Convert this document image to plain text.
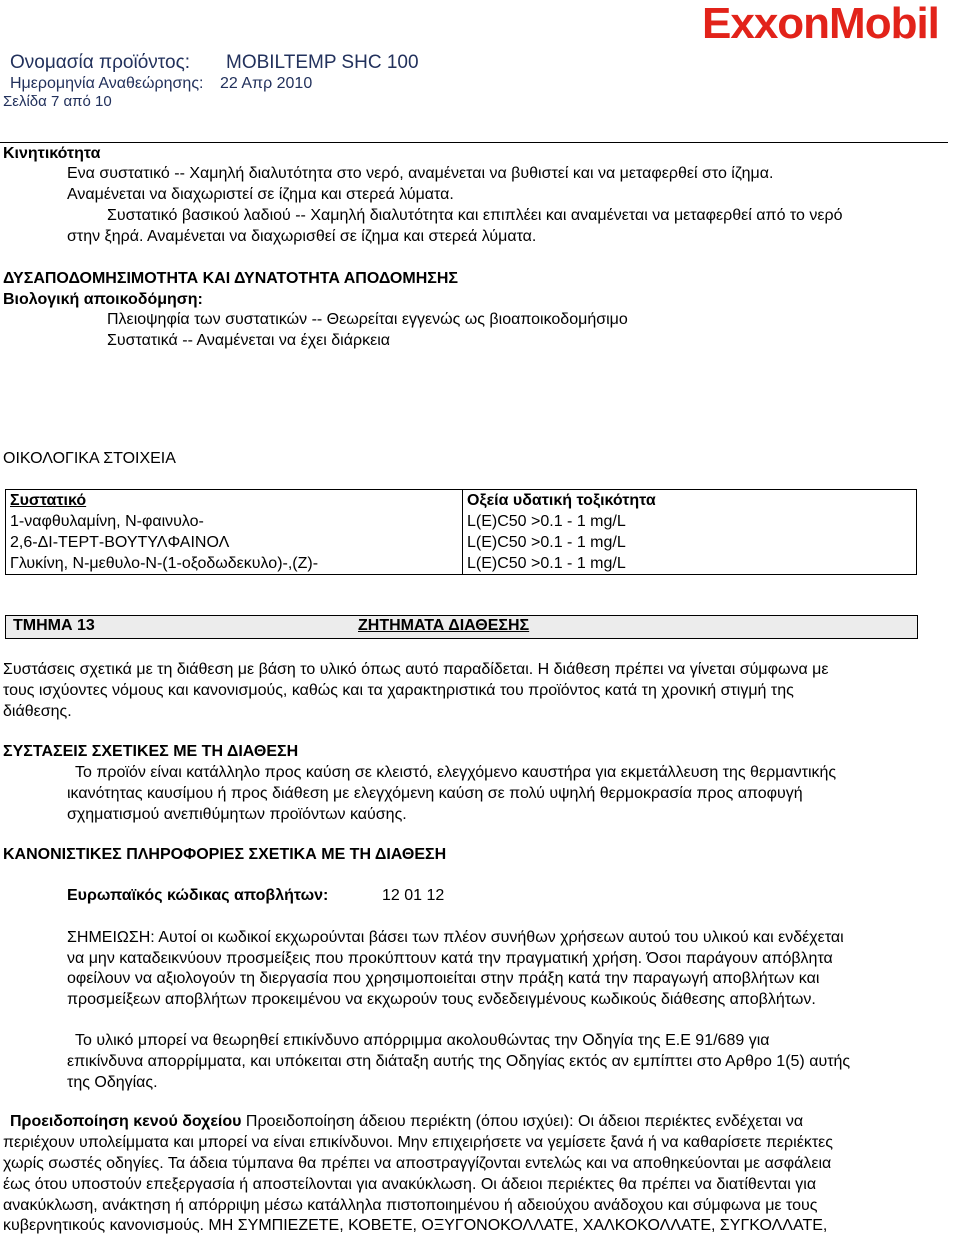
ExxonMobil
Ονομασία προϊόντος: MOBILTEMP SHC 100
Ημερομηνία Αναθεώρησης: 22 Απρ 2010
Σελίδα 7 από 10
Κινητικότητα
Ενα συστατικό -- Χαμηλή διαλυτότητα στο νερό, αναμένεται να βυθιστεί και να μεταφερθεί στο ίζημα.
Αναμένεται να διαχωριστεί σε ίζημα και στερεά λύματα.
Συστατικό βασικού λαδιού -- Χαμηλή διαλυτότητα και επιπλέει και αναμένεται να μεταφερθεί από το νερό
στην ξηρά. Αναμένεται να διαχωρισθεί σε ίζημα και στερεά λύματα.
ΔΥΣΑΠΟΔΟΜΗΣΙΜΟΤΗΤΑ ΚΑΙ ΔΥΝΑΤΟΤΗΤΑ ΑΠΟΔΟΜΗΣΗΣ
Βιολογική αποικοδόμηση:
Πλειοψηφία των συστατικών -- Θεωρείται εγγενώς ως βιοαποικοδομήσιμο
Συστατικά -- Αναμένεται να έχει διάρκεια
ΟΙΚΟΛΟΓΙΚΑ ΣΤΟΙΧΕΙΑ
Συστατικό	Οξεία υδατική τοξικότητα
1-ναφθυλαμίνη, Ν-φαινυλο-	L(E)C50 >0.1 - 1 mg/L
2,6-ΔΙ-ΤΕΡΤ-ΒΟΥΤΥΛΦΑΙΝΟΛ	L(E)C50 >0.1 - 1 mg/L
Γλυκίνη, N-μεθυλο-N-(1-οξοδωδεκυλο)-,(Z)-	L(E)C50 >0.1 - 1 mg/L
ΤΜΗΜΑ 13	ΖΗΤΗΜΑΤΑ ΔΙΑΘΕΣΗΣ
Συστάσεις σχετικά με τη διάθεση με βάση το υλικό όπως αυτό παραδίδεται. Η διάθεση πρέπει να γίνεται σύμφωνα με
τους ισχύοντες νόμους και κανονισμούς, καθώς και τα χαρακτηριστικά του προϊόντος κατά τη χρονική στιγμή της
διάθεσης.
ΣΥΣΤΑΣΕΙΣ ΣΧΕΤΙΚΕΣ ΜΕ ΤΗ ΔΙΑΘΕΣΗ
Το προϊόν είναι κατάλληλο προς καύση σε κλειστό, ελεγχόμενο καυστήρα για εκμετάλλευση της θερμαντικής
ικανότητας καυσίμου ή προς διάθεση με ελεγχόμενη καύση σε πολύ υψηλή θερμοκρασία προς αποφυγή
σχηματισμού ανεπιθύμητων προϊόντων καύσης.
ΚΑΝΟΝΙΣΤΙΚΕΣ ΠΛΗΡΟΦΟΡΙΕΣ ΣΧΕΤΙΚΑ ΜΕ ΤΗ ΔΙΑΘΕΣΗ
Ευρωπαϊκός κώδικας αποβλήτων:	12 01 12
ΣΗΜΕΙΩΣΗ: Αυτοί οι κωδικοί εκχωρούνται βάσει των πλέον συνήθων χρήσεων αυτού του υλικού και ενδέχεται
να μην καταδεικνύουν προσμείξεις που προκύπτουν κατά την πραγματική χρήση. Όσοι παράγουν απόβλητα
οφείλουν να αξιολογούν τη διεργασία που χρησιμοποιείται στην πράξη κατά την παραγωγή αποβλήτων και
προσμείξεων αποβλήτων προκειμένου να εκχωρούν τους ενδεδειγμένους κωδικούς διάθεσης αποβλήτων.
Το υλικό μπορεί να θεωρηθεί επικίνδυνο απόρριμμα ακολουθώντας την Οδηγία της Ε.Ε 91/689 για
επικίνδυνα απορρίμματα, και υπόκειται στη διάταξη αυτής της Οδηγίας εκτός αν εμπίπτει στο Αρθρο 1(5) αυτής
της Οδηγίας.
Προειδοποίηση κενού δοχείου Προειδοποίηση άδειου περιέκτη (όπου ισχύει): Οι άδειοι περιέκτες ενδέχεται να
περιέχουν υπολείμματα και μπορεί να είναι επικίνδυνοι. Μην επιχειρήσετε να γεμίσετε ξανά ή να καθαρίσετε περιέκτες
χωρίς σωστές οδηγίες. Τα άδεια τύμπανα θα πρέπει να αποστραγγίζονται εντελώς και να αποθηκεύονται με ασφάλεια
έως ότου υποστούν επεξεργασία ή αποστείλονται για ανακύκλωση. Οι άδειοι περιέκτες θα πρέπει να διατίθενται για
ανακύκλωση, ανάκτηση ή απόρριψη μέσω κατάλληλα πιστοποιημένου ή αδειούχου ανάδοχου και σύμφωνα με τους
κυβερνητικούς κανονισμούς. ΜΗ ΣΥΜΠΙΕΖΕΤΕ, ΚΟΒΕΤΕ, ΟΞΥΓΟΝΟΚΟΛΛΑΤΕ, ΧΑΛΚΟΚΟΛΛΑΤΕ, ΣΥΓΚΟΛΛΑΤΕ,
